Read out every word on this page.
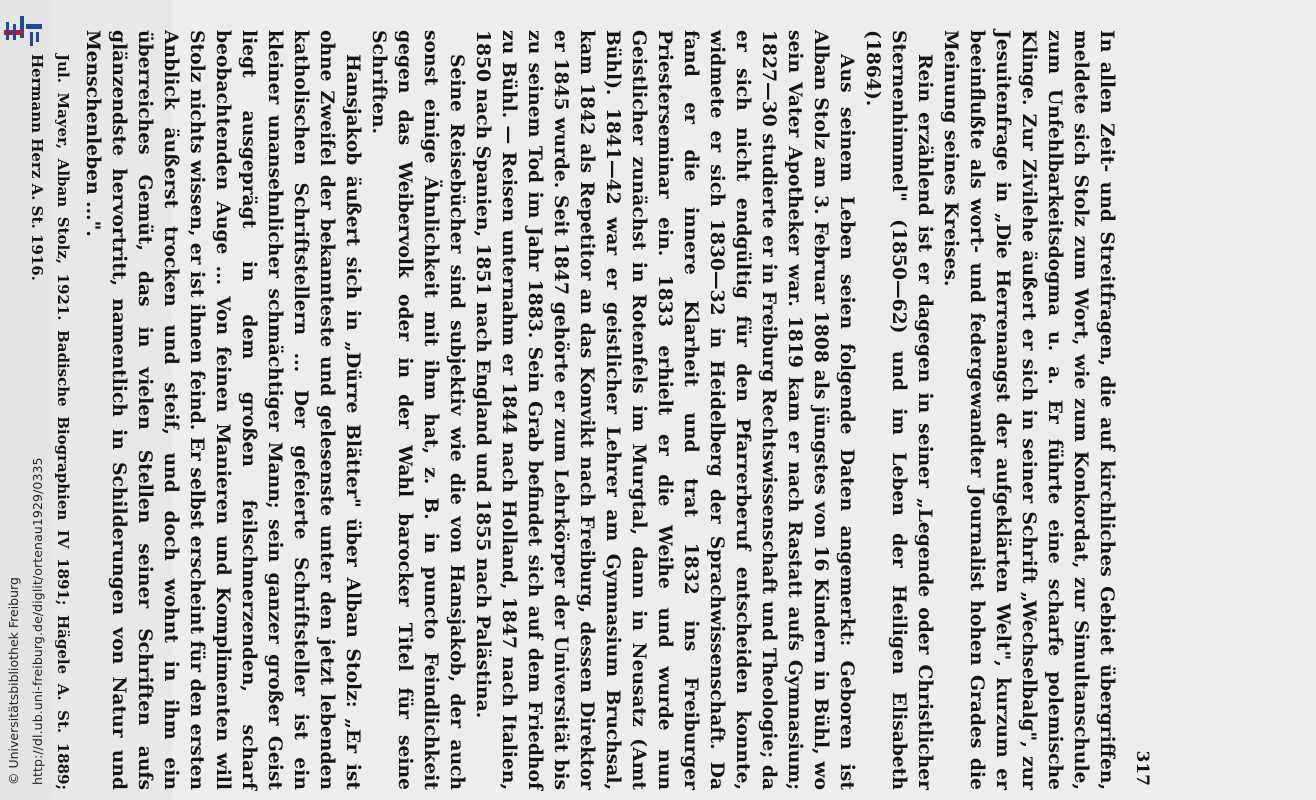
http://dl.ub.uni-freiburg.de/diglit/ortenau1929/0335
© Universitätsbibliothek Freiburg	317

In allen Zeit- und Streitfragen, die auf kirchliches Gebiet übergriffen, meldete sich Stolz zum Wort, wie zum Konkordat, zur Simultanschule, zum Unfehlbarkeitsdogma u. a. Er führte eine scharfe polemische Klinge. Zur Zivilehe äußert er sich in seiner Schrift „Wechselbalg", zur Jesuitenfrage in „Die Herrenangst der aufgeklärten Welt", kurzum er beeinflußte als wort- und federgewandter Journalist hohen Grades die Meinung seines Kreises.

Rein erzählend ist er dagegen in seiner „Legende oder Christlicher Sternenhimmel" (1850—62) und im Leben der Heiligen Elisabeth (1864).

Aus seinem Leben seien folgende Daten angemerkt: Geboren ist Alban Stolz am 3. Februar 1808 als jüngstes von 16 Kindern in Bühl, wo sein Vater Apotheker war. 1819 kam er nach Rastatt aufs Gymnasium; 1827—30 studierte er in Freiburg Rechtswissenschaft und Theologie; da er sich nicht endgültig für den Pfarrerberuf entscheiden konnte, widmete er sich 1830—32 in Heidelberg der Sprachwissenschaft. Da fand er die innere Klarheit und trat 1832 ins Freiburger Priesterseminar ein. 1833 erhielt er die Weihe und wurde nun Geistlicher zunächst in Rotenfels im Murgtal, dann in Neusatz (Amt Bühl). 1841—42 war er geistlicher Lehrer am Gymnasium Bruchsal, kam 1842 als Repetitor an das Konvikt nach Freiburg, dessen Direktor er 1845 wurde. Seit 1847 gehörte er zum Lehrkörper der Universität bis zu seinem Tod im Jahr 1883. Sein Grab befindet sich auf dem Friedhof zu Bühl. — Reisen unternahm er 1844 nach Holland, 1847 nach Italien, 1850 nach Spanien, 1851 nach England und 1855 nach Palästina.

Seine Reisebücher sind subjektiv wie die von Hansjakob, der auch sonst einige Ähnlichkeit mit ihm hat, z. B. in puncto Feindlichkeit gegen das Weibervolk oder in der Wahl barocker Titel für seine Schriften.

Hansjakob äußert sich in „Dürre Blätter" über Alban Stolz: „Er ist ohne Zweifel der bekannteste und gelesenste unter den jetzt lebenden katholischen Schriftstellern ... Der gefeierte Schriftsteller ist ein kleiner unansehnlicher schmächtiger Mann; sein ganzer großer Geist liegt ausgeprägt in dem großen feilschmerzenden, scharf beobachtenden Auge ... Von feinen Manieren und Komplimenten will Stolz nichts wissen, er ist ihnen feind. Er selbst erscheint für den ersten Anblick äußerst trocken und steif, und doch wohnt in ihm ein überreiches Gemüt, das in vielen Stellen seiner Schriften aufs glänzendste hervortritt, namentlich in Schilderungen von Natur und Menschenleben ...".

Jul. Mayer, Alban Stolz, 1921. Badische Biographien IV 1891; Hägele A. St. 1889; Hermann Herz A. St. 1916.
